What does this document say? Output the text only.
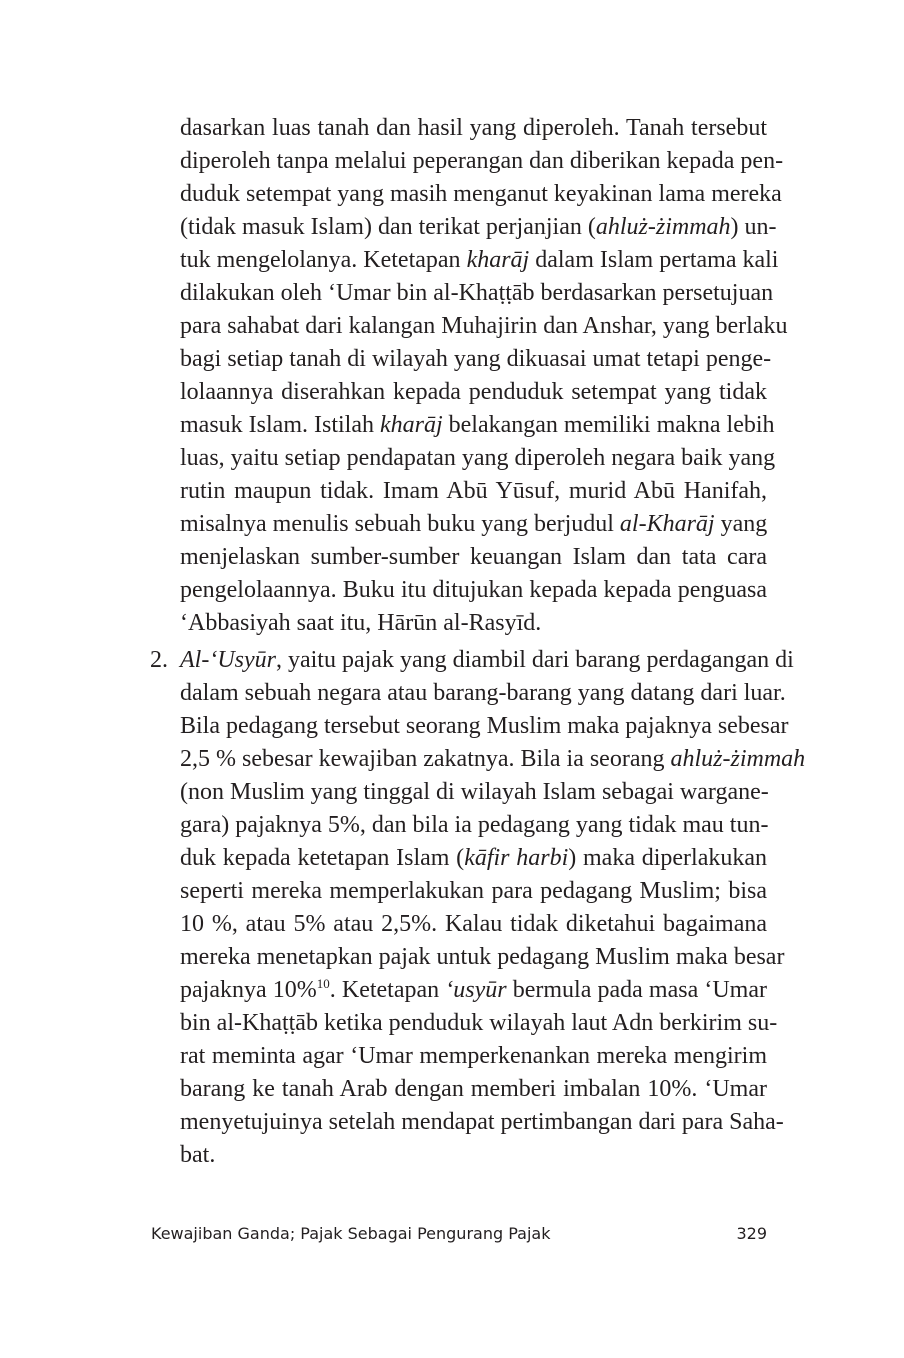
dasarkan luas tanah dan hasil yang diperoleh. Tanah tersebut
diperoleh tanpa melalui peperangan dan diberikan kepada pen-
duduk setempat yang masih menganut keyakinan lama mereka
(tidak masuk Islam) dan terikat perjanjian (ahluż-żimmah) un-
tuk mengelolanya. Ketetapan kharāj dalam Islam pertama kali
dilakukan oleh ‘Umar bin al-Khaṭṭāb berdasarkan persetujuan
para sahabat dari kalangan Muhajirin dan Anshar, yang berlaku
bagi setiap tanah di wilayah yang dikuasai umat tetapi penge-
lolaannya diserahkan kepada penduduk setempat yang tidak
masuk Islam. Istilah kharāj belakangan memiliki makna lebih
luas, yaitu setiap pendapatan yang diperoleh negara baik yang
rutin maupun tidak. Imam Abū Yūsuf, murid Abū Hanifah,
misalnya menulis sebuah buku yang berjudul al-Kharāj yang
menjelaskan sumber-sumber keuangan Islam dan tata cara
pengelolaannya. Buku itu ditujukan kepada kepada penguasa
‘Abbasiyah saat itu, Hārūn al-Rasyīd.
2. Al-‘Usyūr, yaitu pajak yang diambil dari barang perdagangan di
dalam sebuah negara atau barang-barang yang datang dari luar.
Bila pedagang tersebut seorang Muslim maka pajaknya sebesar
2,5 % sebesar kewajiban zakatnya. Bila ia seorang ahluż-żimmah
(non Muslim yang tinggal di wilayah Islam sebagai wargane-
gara) pajaknya 5%, dan bila ia pedagang yang tidak mau tun-
duk kepada ketetapan Islam (kāfir harbi) maka diperlakukan
seperti mereka memperlakukan para pedagang Muslim; bisa
10 %, atau 5% atau 2,5%. Kalau tidak diketahui bagaimana
mereka menetapkan pajak untuk pedagang Muslim maka besar
pajaknya 10%$^{10}$. Ketetapan ‘usyūr bermula pada masa ‘Umar
bin al-Khaṭṭāb ketika penduduk wilayah laut Adn berkirim su-
rat meminta agar ‘Umar memperkenankan mereka mengirim
barang ke tanah Arab dengan memberi imbalan 10%. ‘Umar
menyetujuinya setelah mendapat pertimbangan dari para Saha-
bat.
Kewajiban Ganda; Pajak Sebagai Pengurang Pajak	329
